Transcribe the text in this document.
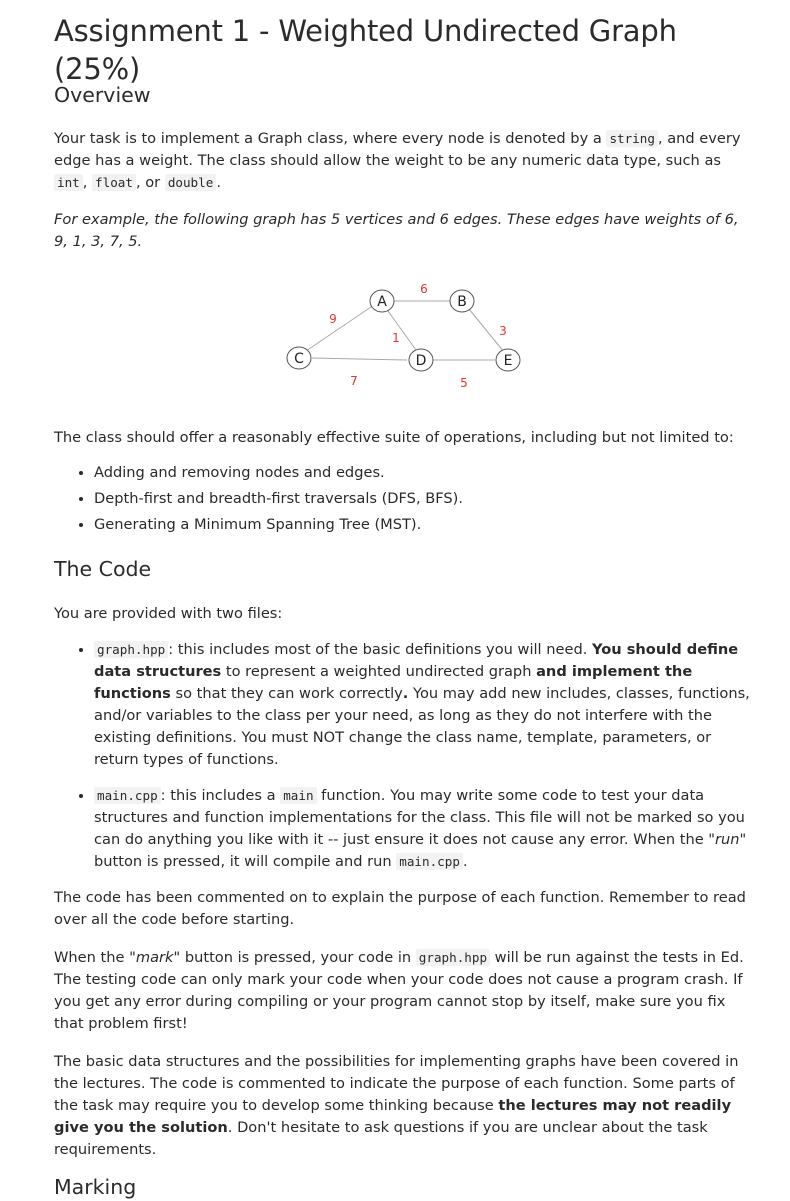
Assignment 1 - Weighted Undirected Graph (25%)
Overview

Your task is to implement a Graph class, where every node is denoted by a string , and every edge has a weight. The class should allow the weight to be any numeric data type, such as int , float , or double .

For example, the following graph has 5 vertices and 6 edges. These edges have weights of 6, 9, 1, 3, 7, 5.

6
9
1	3
7	5
A	B
C	D	E

The class should offer a reasonably effective suite of operations, including but not limited to:

• Adding and removing nodes and edges.
• Depth-first and breadth-first traversals (DFS, BFS).
• Generating a Minimum Spanning Tree (MST).
The Code

You are provided with two files:

• graph.hpp : this includes most of the basic definitions you will need. You should define data structures to represent a weighted undirected graph and implement the functions so that they can work correctly. You may add new includes, classes, functions, and/or variables to the class per your need, as long as they do not interfere with the existing definitions. You must NOT change the class name, template, parameters, or return types of functions.
• main.cpp : this includes a main function. You may write some code to test your data structures and function implementations for the class. This file will not be marked so you can do anything you like with it -- just ensure it does not cause any error. When the "run" button is pressed, it will compile and run main.cpp .

The code has been commented on to explain the purpose of each function. Remember to read over all the code before starting.

When the "mark" button is pressed, your code in graph.hpp will be run against the tests in Ed. The testing code can only mark your code when your code does not cause a program crash. If you get any error during compiling or your program cannot stop by itself, make sure you fix that problem first!

The basic data structures and the possibilities for implementing graphs have been covered in the lectures. The code is commented to indicate the purpose of each function. Some parts of the task may require you to develop some thinking because the lectures may not readily give you the solution. Don't hesitate to ask questions if you are unclear about the task requirements.

Marking
